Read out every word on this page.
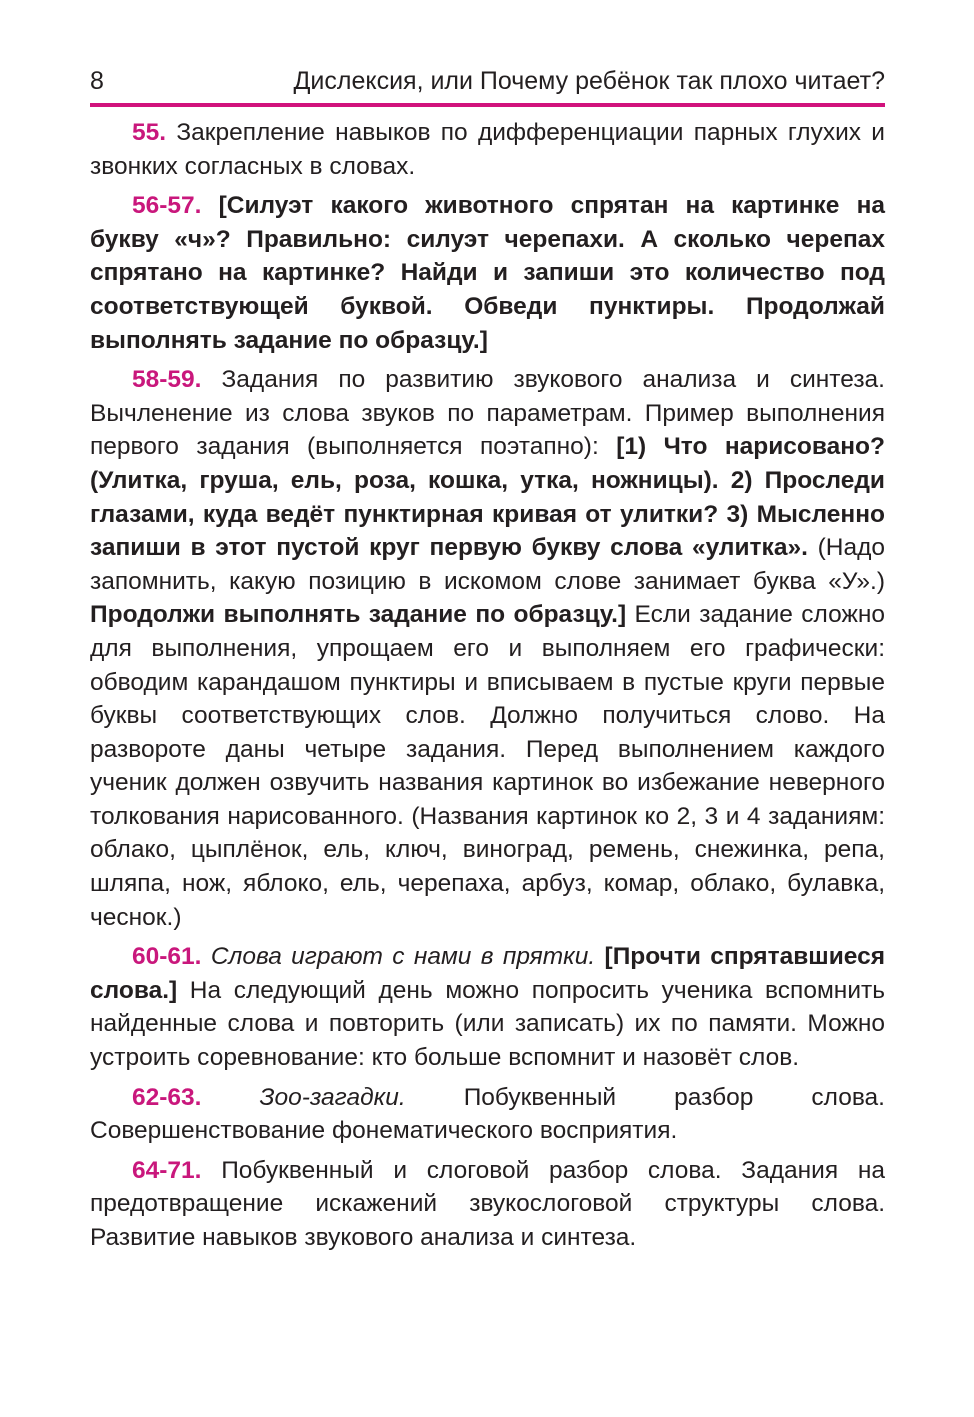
8	Дислексия, или Почему ребёнок так плохо читает?

55. Закрепление навыков по дифференциации парных глухих и звонких согласных в словах.

56-57. [Силуэт какого животного спрятан на картинке на букву «ч»? Правильно: силуэт черепахи. А сколько черепах спрятано на картинке? Найди и запиши это количество под соответствующей буквой. Обведи пунктиры. Продолжай выполнять задание по образцу.]

58-59. Задания по развитию звукового анализа и синтеза. Вычленение из слова звуков по параметрам. Пример выполнения первого задания (выполняется поэтапно): [1) Что нарисовано? (Улитка, груша, ель, роза, кошка, утка, ножницы). 2) Проследи глазами, куда ведёт пунктирная кривая от улитки? 3) Мысленно запиши в этот пустой круг первую букву слова «улитка». (Надо запомнить, какую позицию в искомом слове занимает буква «У».) Продолжи выполнять задание по образцу.] Если задание сложно для выполнения, упрощаем его и выполняем его графически: обводим карандашом пунктиры и вписываем в пустые круги первые буквы соответствующих слов. Должно получиться слово. На развороте даны четыре задания. Перед выполнением каждого ученик должен озвучить названия картинок во избежание неверного толкования нарисованного. (Названия картинок ко 2, 3 и 4 заданиям: облако, цыплёнок, ель, ключ, виноград, ремень, снежинка, репа, шляпа, нож, яблоко, ель, черепаха, арбуз, комар, облако, булавка, чеснок.)

60-61. Слова играют с нами в прятки. [Прочти спрятавшиеся слова.] На следующий день можно попросить ученика вспомнить найденные слова и повторить (или записать) их по памяти. Можно устроить соревнование: кто больше вспомнит и назовёт слов.

62-63. Зоо-загадки. Побуквенный разбор слова. Совершенствование фонематического восприятия.

64-71. Побуквенный и слоговой разбор слова. Задания на предотвращение искажений звукослоговой структуры слова. Развитие навыков звукового анализа и синтеза.
